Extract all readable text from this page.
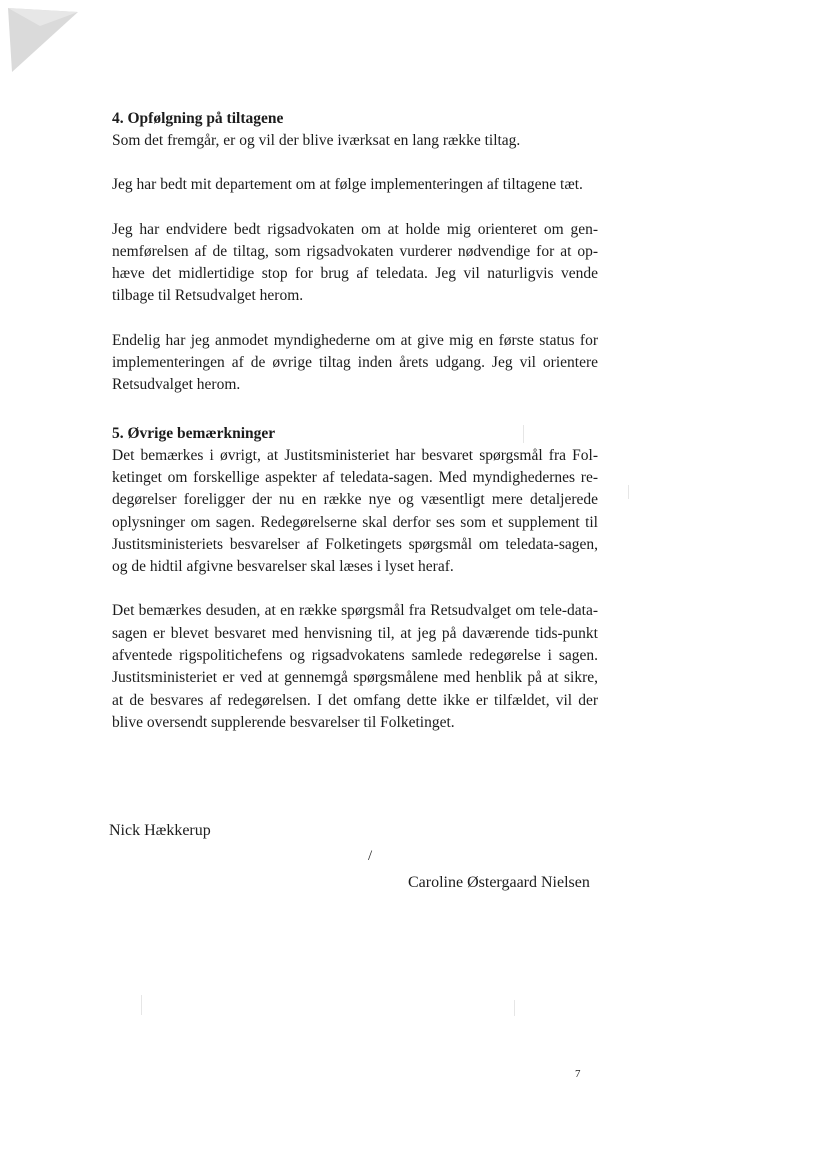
4. Opfølgning på tiltagene

Som det fremgår, er og vil der blive iværksat en lang række tiltag.

Jeg har bedt mit departement om at følge implementeringen af tiltagene tæt.

Jeg har endvidere bedt rigsadvokaten om at holde mig orienteret om gen-nemførelsen af de tiltag, som rigsadvokaten vurderer nødvendige for at op-hæve det midlertidige stop for brug af teledata. Jeg vil naturligvis vende tilbage til Retsudvalget herom.

Endelig har jeg anmodet myndighederne om at give mig en første status for implementeringen af de øvrige tiltag inden årets udgang. Jeg vil orientere Retsudvalget herom.

5. Øvrige bemærkninger

Det bemærkes i øvrigt, at Justitsministeriet har besvaret spørgsmål fra Fol-ketinget om forskellige aspekter af teledata-sagen. Med myndighedernes re-degørelser foreligger der nu en række nye og væsentligt mere detaljerede oplysninger om sagen. Redegørelserne skal derfor ses som et supplement til Justitsministeriets besvarelser af Folketingets spørgsmål om teledata-sagen, og de hidtil afgivne besvarelser skal læses i lyset heraf.

Det bemærkes desuden, at en række spørgsmål fra Retsudvalget om tele-data-sagen er blevet besvaret med henvisning til, at jeg på daværende tids-punkt afventede rigspolitichefens og rigsadvokatens samlede redegørelse i sagen. Justitsministeriet er ved at gennemgå spørgsmålene med henblik på at sikre, at de besvares af redegørelsen. I det omfang dette ikke er tilfældet, vil der blive oversendt supplerende besvarelser til Folketinget.

Nick Hækkerup
/
Caroline Østergaard Nielsen
7
